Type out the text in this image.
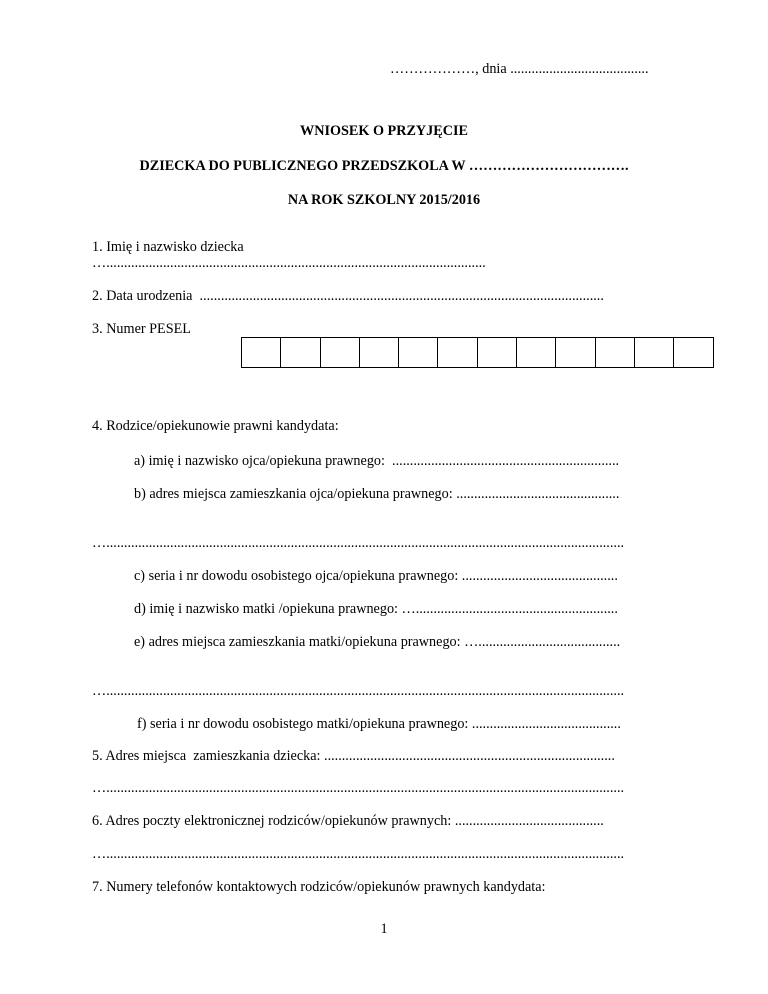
………………, dnia .......................................
WNIOSEK O PRZYJĘCIE
DZIECKA DO PUBLICZNEGO PRZEDSZKOLA W …………………………….
NA ROK SZKOLNY 2015/2016
1. Imię i nazwisko dziecka
…...........................................................................................................
2. Data urodzenia  ..................................................................................................................
3. Numer PESEL
4. Rodzice/opiekunowie prawni kandydata:
a) imię i nazwisko ojca/opiekuna prawnego:  ................................................................
b) adres miejsca zamieszkania ojca/opiekuna prawnego: ..............................................
…..................................................................................................................................................
c) seria i nr dowodu osobistego ojca/opiekuna prawnego: ............................................
d) imię i nazwisko matki /opiekuna prawnego: ….........................................................
e) adres miejsca zamieszkania matki/opiekuna prawnego: …........................................
…..................................................................................................................................................
f) seria i nr dowodu osobistego matki/opiekuna prawnego: ..........................................
5. Adres miejsca  zamieszkania dziecka: ..................................................................................
…..................................................................................................................................................
6. Adres poczty elektronicznej rodziców/opiekunów prawnych: ..........................................
…..................................................................................................................................................
7. Numery telefonów kontaktowych rodziców/opiekunów prawnych kandydata:
1
